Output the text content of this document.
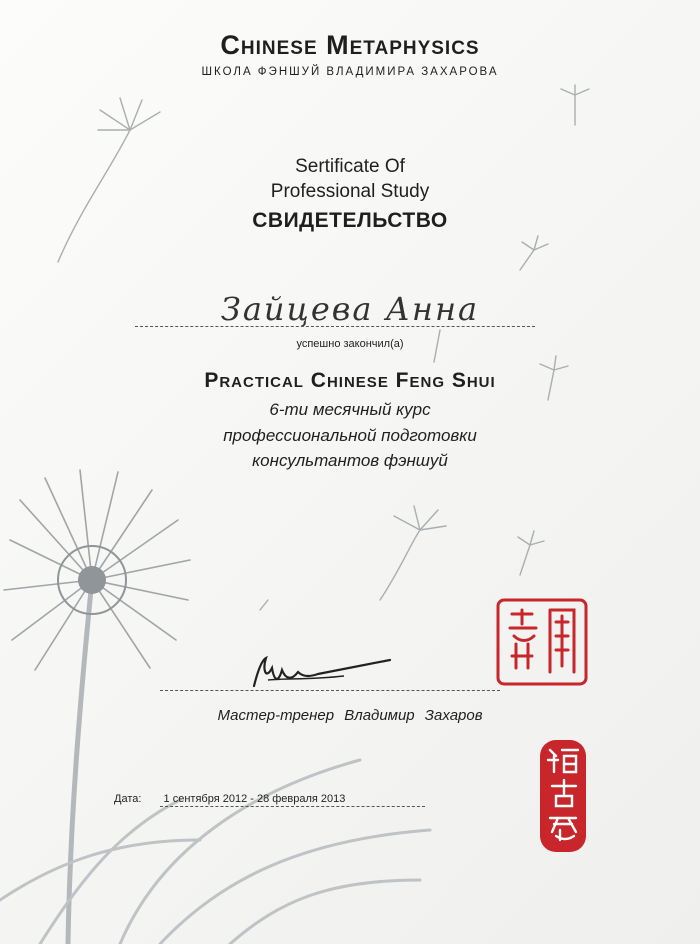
Chinese Metaphysics
ШКОЛА ФЭНШУЙ ВЛАДИМИРА ЗАХАРОВА
Sertificate Of
Professional Study
СВИДЕТЕЛЬСТВО
Зайцева Анна
успешно закончил(а)
Practical Chinese Feng Shui
6-ти месячный курс
профессиональной подготовки
консультантов фэншуй
Мастер-тренер Владимир Захаров
Дата: 1 сентября 2012 - 28 февраля 2013
